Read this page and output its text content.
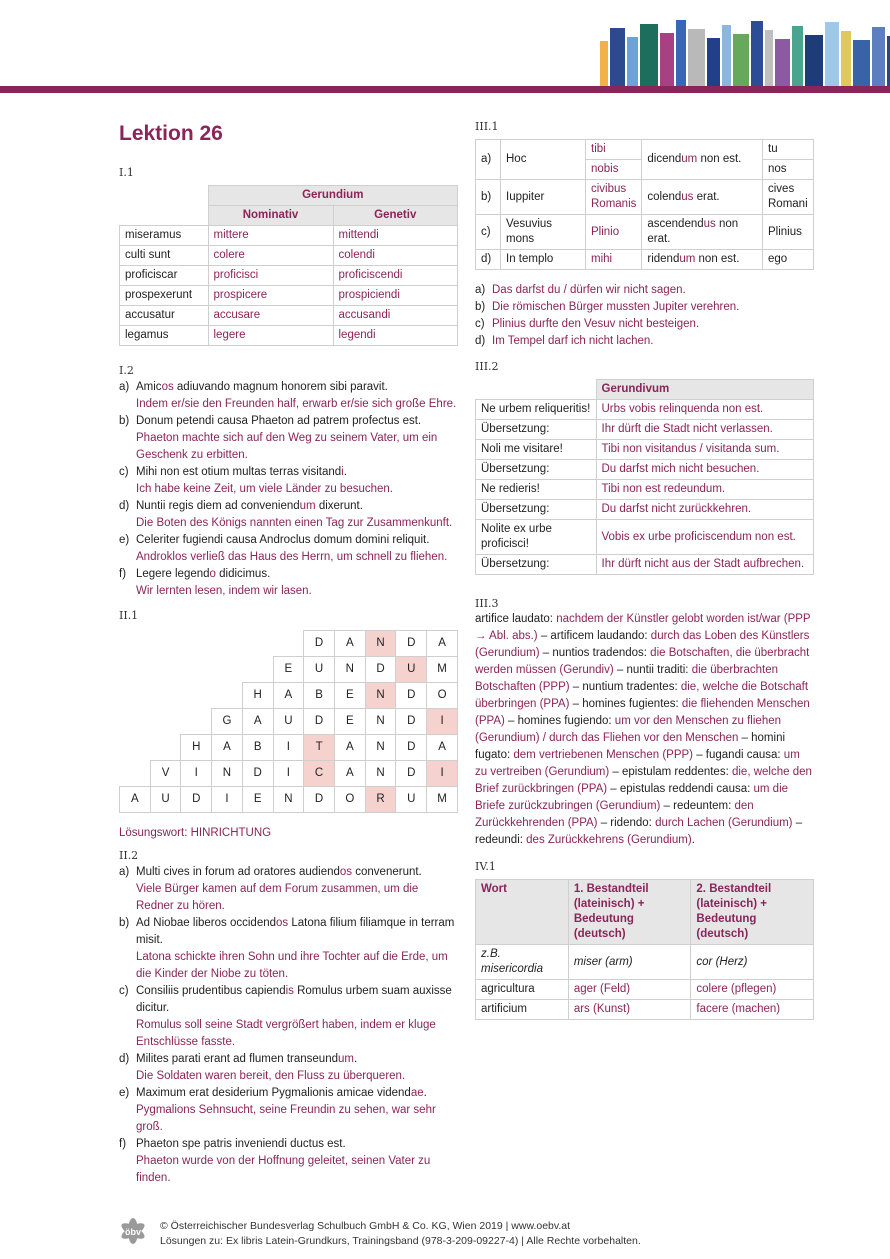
Lektion 26
I.1
	Gerundium	
	Nominativ	Genetiv
miseramus	mittere	mittendi
culti sunt	colere	colendi
proficiscar	proficisci	proficiscendi
prospexerunt	prospicere	prospiciendi
accusatur	accusare	accusandi
legamus	legere	legendi
I.2
a) Amicos adiuvando magnum honorem sibi paravit.
Indem er/sie den Freunden half, erwarb er/sie sich große Ehre.
b) Donum petendi causa Phaeton ad patrem profectus est.
Phaeton machte sich auf den Weg zu seinem Vater, um ein Geschenk zu erbitten.
c) Mihi non est otium multas terras visitandi.
Ich habe keine Zeit, um viele Länder zu besuchen.
d) Nuntii regis diem ad conveniendum dixerunt.
Die Boten des Königs nannten einen Tag zur Zusammenkunft.
e) Celeriter fugiendi causa Androclus domum domini reliquit.
Androklos verließ das Haus des Herrn, um schnell zu fliehen.
f) Legere legendo didicimus.
Wir lernten lesen, indem wir lasen.
II.1
						D	A	N	D	A
					E	U	N	D	U	M
				H	A	B	E	N	D	O
			G	A	U	D	E	N	D	I
		H	A	B	I	T	A	N	D	A
	V	I	N	D	I	C	A	N	D	I
A	U	D	I	E	N	D	O	R	U	M
Lösungswort: HINRICHTUNG
II.2
a) Multi cives in forum ad oratores audiendos convenerunt.
Viele Bürger kamen auf dem Forum zusammen, um die Redner zu hören.
b) Ad Niobae liberos occidendos Latona filium filiamque in terram misit.
Latona schickte ihren Sohn und ihre Tochter auf die Erde, um die Kinder der Niobe zu töten.
c) Consiliis prudentibus capiendis Romulus urbem suam auxisse dicitur.
Romulus soll seine Stadt vergrößert haben, indem er kluge Entschlüsse fasste.
d) Milites parati erant ad flumen transeundum.
Die Soldaten waren bereit, den Fluss zu überqueren.
e) Maximum erat desiderium Pygmalionis amicae videndae.
Pygmalions Sehnsucht, seine Freundin zu sehen, war sehr groß.
f) Phaeton spe patris inveniendi ductus est.
Phaeton wurde von der Hoffnung geleitet, seinen Vater zu finden.
III.1
a)	Hoc	tibi	dicendum non est.	tu
		nobis		nos
b)	Iuppiter	civibus Romanis	colendus erat.	cives Romani
c)	Vesuvius mons	Plinio	ascendendus non erat.	Plinius
d)	In templo	mihi	ridendum non est.	ego
a) Das darfst du / dürfen wir nicht sagen.
b) Die römischen Bürger mussten Jupiter verehren.
c) Plinius durfte den Vesuv nicht besteigen.
d) Im Tempel darf ich nicht lachen.
III.2
	Gerundivum
Ne urbem reliqueritis!	Urbs vobis relinquenda non est.
Übersetzung:	Ihr dürft die Stadt nicht verlassen.
Noli me visitare!	Tibi non visitandus / visitanda sum.
Übersetzung:	Du darfst mich nicht besuchen.
Ne redieris!	Tibi non est redeundum.
Übersetzung:	Du darfst nicht zurückkehren.
Nolite ex urbe proficisci!	Vobis ex urbe proficiscendum non est.
Übersetzung:	Ihr dürft nicht aus der Stadt aufbrechen.
III.3
artifice laudato: nachdem der Künstler gelobt worden ist/war (PPP → Abl. abs.) – artificem laudando: durch das Loben des Künstlers (Gerundium) – nuntios tradendos: die Botschaften, die überbracht werden müssen (Gerundiv) – nuntii traditi: die überbrachten Botschaften (PPP) – nuntium tradentes: die, welche die Botschaft überbringen (PPA) – homines fugientes: die fliehenden Menschen (PPA) – homines fugiendo: um vor den Menschen zu fliehen (Gerundium) / durch das Fliehen vor den Menschen – homini fugato: dem vertriebenen Menschen (PPP) – fugandi causa: um zu vertreiben (Gerundium) – epistulam reddentes: die, welche den Brief zurückbringen (PPA) – epistulas reddendi causa: um die Briefe zurückzubringen (Gerundium) – redeuntem: den Zurückkehrenden (PPA) – ridendo: durch Lachen (Gerundium) – redeundi: des Zurückkehrens (Gerundium).
IV.1
Wort	1. Bestandteil (lateinisch) + Bedeutung (deutsch)	2. Bestandteil (lateinisch) + Bedeutung (deutsch)
z.B. misericordia	miser (arm)	cor (Herz)
agricultura	ager (Feld)	colere (pflegen)
artificium	ars (Kunst)	facere (machen)
öbv © Österreichischer Bundesverlag Schulbuch GmbH & Co. KG, Wien 2019 | www.oebv.at
Lösungen zu: Ex libris Latein-Grundkurs, Trainingsband (978-3-209-09227-4) | Alle Rechte vorbehalten.
